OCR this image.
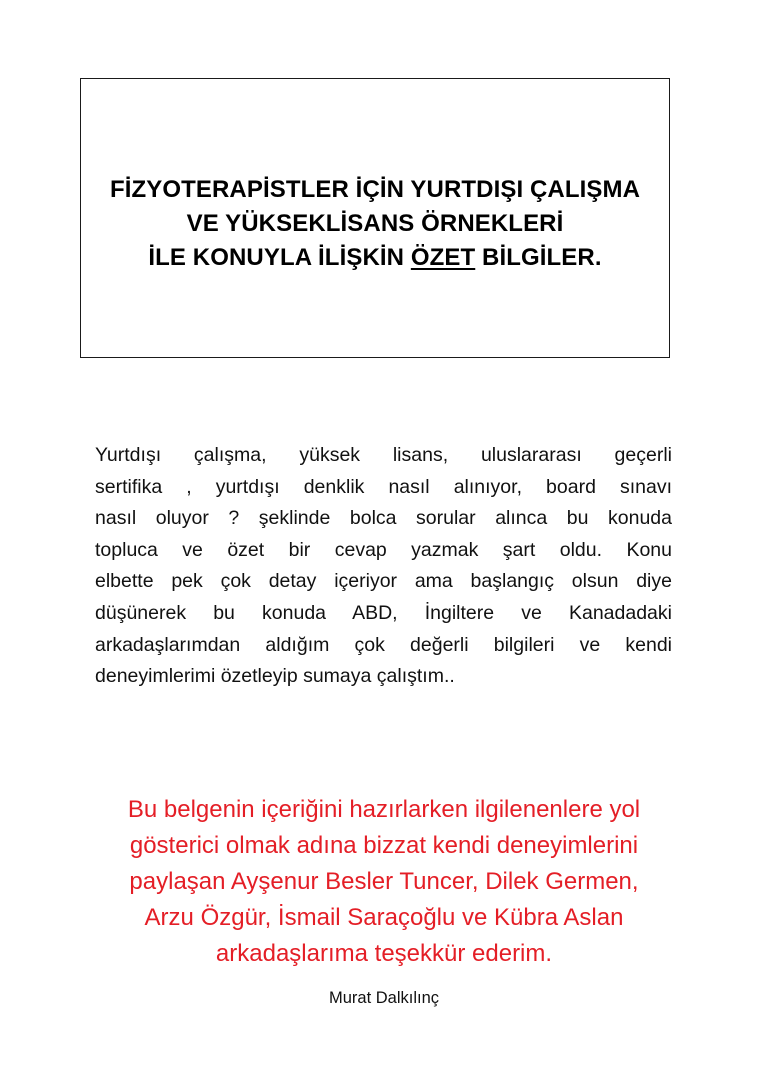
FİZYOTERAPİSTLER İÇİN YURTDIŞI ÇALIŞMA
VE YÜKSEKLİSANS ÖRNEKLERİ
İLE KONUYLA İLİŞKİN ÖZET BİLGİLER.
Yurtdışı çalışma, yüksek lisans, uluslararası geçerli
sertifika , yurtdışı denklik nasıl alınıyor, board sınavı
nasıl oluyor ? şeklinde bolca sorular alınca bu konuda
topluca ve özet bir cevap yazmak şart oldu. Konu
elbette pek çok detay içeriyor ama başlangıç olsun diye
düşünerek bu konuda ABD, İngiltere ve Kanadadaki
arkadaşlarımdan aldığım çok değerli bilgileri ve kendi
deneyimlerimi özetleyip sumaya çalıştım..
Bu belgenin içeriğini hazırlarken ilgilenenlere yol
gösterici olmak adına bizzat kendi deneyimlerini
paylaşan Ayşenur Besler Tuncer, Dilek Germen,
Arzu Özgür, İsmail Saraçoğlu ve Kübra Aslan
arkadaşlarıma teşekkür ederim.
Murat Dalkılınç
